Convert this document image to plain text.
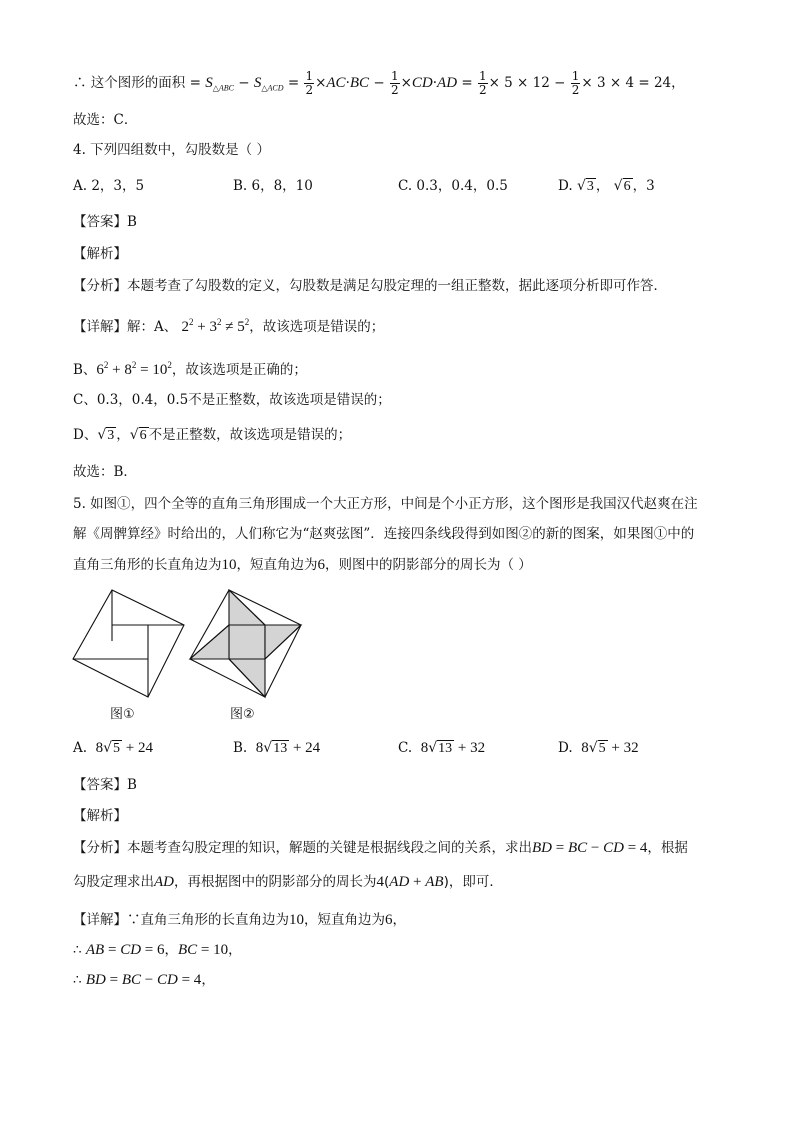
∴ 这个图形的面积 = $S_{\triangle ABC} - S_{\triangle ACD} = \frac{1}{2} \times AC\cdot BC - \frac{1}{2} \times CD\cdot AD = \frac{1}{2} \times 5 \times 12 - \frac{1}{2} \times 3 \times 4 = 24$，
故选：C．
4. 下列四组数中，勾股数是（ ）
A. 2，3，5	B. 6，8，10	C. 0.3，0.4，0.5	D. √3 ， √6 ，3
【答案】B
【解析】
【分析】本题考查了勾股数的定义，勾股数是满足勾股定理的一组正整数，据此逐项分析即可作答．
【详解】解：A、 $2^2 + 3^2 \ne 5^2$，故该选项是错误的；
B、$6^2 + 8^2 = 10^2$，故该选项是正确的；
C、0.3，0.4，0.5不是正整数，故该选项是错误的；
D、√3 ，√6 不是正整数，故该选项是错误的；
故选：B．
5. 如图①，四个全等的直角三角形围成一个大正方形，中间是个小正方形，这个图形是我国汉代赵爽在注
解《周髀算经》时给出的，人们称它为“赵爽弦图”．连接四条线段得到如图②的新的图案，如果图①中的
直角三角形的长直角边为10，短直角边为6，则图中的阴影部分的周长为（ ）
图①	图②
A.  8√5 + 24	B.  8√13 + 24	C.  8√13 + 32	D.  8√5 + 32
【答案】B
【解析】
【分析】本题考查勾股定理的知识，解题的关键是根据线段之间的关系，求出BD = BC − CD = 4，根据
勾股定理求出AD，再根据图中的阴影部分的周长为4(AD + AB)，即可．
【详解】∵直角三角形的长直角边为10，短直角边为6，
∴ AB = CD = 6，BC = 10，
∴ BD = BC − CD = 4，
